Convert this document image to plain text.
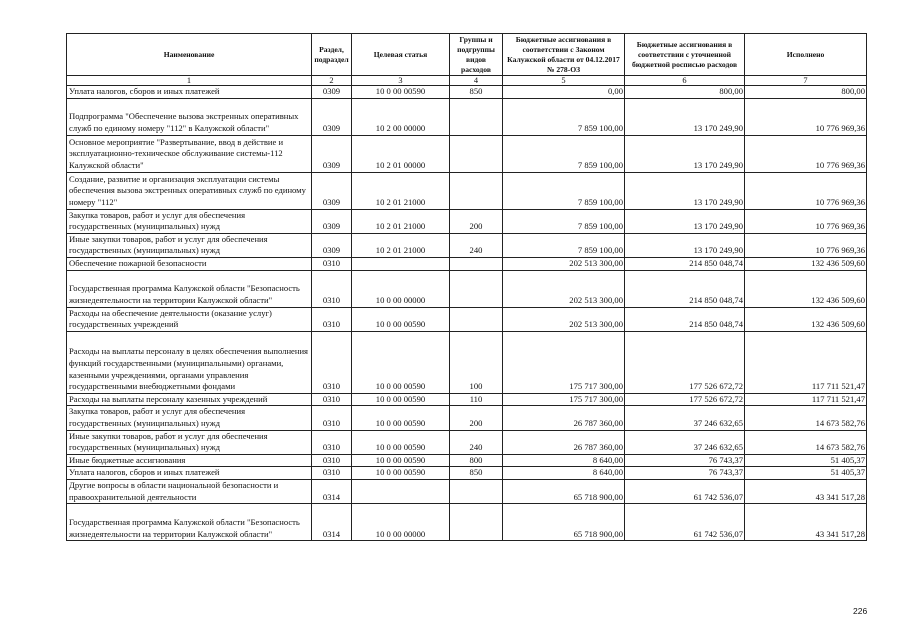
Наименование	Раздел, подраздел	Целевая статья	Группы и подгруппы видов расходов	Бюджетные ассигнования в соответствии с Законом Калужской области от 04.12.2017 № 278-ОЗ	Бюджетные ассигнования в соответствии с уточненной бюджетной росписью расходов	Исполнено
1	2	3	4	5	6	7
Уплата налогов, сборов и иных платежей	0309	10 0 00 00590	850	0,00	800,00	800,00
Подпрограмма "Обеспечение вызова экстренных оперативных служб по единому номеру "112" в Калужской области"	0309	10 2 00 00000		7 859 100,00	13 170 249,90	10 776 969,36
Основное мероприятие "Развертывание, ввод в действие и эксплуатационно-техническое обслуживание системы-112 Калужской области"	0309	10 2 01 00000		7 859 100,00	13 170 249,90	10 776 969,36
Создание, развитие и организация эксплуатации системы обеспечения вызова экстренных оперативных служб по единому номеру "112"	0309	10 2 01 21000		7 859 100,00	13 170 249,90	10 776 969,36
Закупка товаров, работ и услуг для обеспечения государственных (муниципальных) нужд	0309	10 2 01 21000	200	7 859 100,00	13 170 249,90	10 776 969,36
Иные закупки товаров, работ и услуг для обеспечения государственных (муниципальных) нужд	0309	10 2 01 21000	240	7 859 100,00	13 170 249,90	10 776 969,36
Обеспечение пожарной безопасности	0310			202 513 300,00	214 850 048,74	132 436 509,60
Государственная программа Калужской области "Безопасность жизнедеятельности на территории Калужской области"	0310	10 0 00 00000		202 513 300,00	214 850 048,74	132 436 509,60
Расходы на обеспечение деятельности (оказание услуг) государственных учреждений	0310	10 0 00 00590		202 513 300,00	214 850 048,74	132 436 509,60
Расходы на выплаты персоналу в целях обеспечения выполнения функций государственными (муниципальными) органами, казенными учреждениями, органами управления государственными внебюджетными фондами	0310	10 0 00 00590	100	175 717 300,00	177 526 672,72	117 711 521,47
Расходы на выплаты персоналу казенных учреждений	0310	10 0 00 00590	110	175 717 300,00	177 526 672,72	117 711 521,47
Закупка товаров, работ и услуг для обеспечения государственных (муниципальных) нужд	0310	10 0 00 00590	200	26 787 360,00	37 246 632,65	14 673 582,76
Иные закупки товаров, работ и услуг для обеспечения государственных (муниципальных) нужд	0310	10 0 00 00590	240	26 787 360,00	37 246 632,65	14 673 582,76
Иные бюджетные ассигнования	0310	10 0 00 00590	800	8 640,00	76 743,37	51 405,37
Уплата налогов, сборов и иных платежей	0310	10 0 00 00590	850	8 640,00	76 743,37	51 405,37
Другие вопросы в области национальной безопасности и правоохранительной деятельности	0314			65 718 900,00	61 742 536,07	43 341 517,28
Государственная программа Калужской области "Безопасность жизнедеятельности на территории Калужской области"	0314	10 0 00 00000		65 718 900,00	61 742 536,07	43 341 517,28
226
